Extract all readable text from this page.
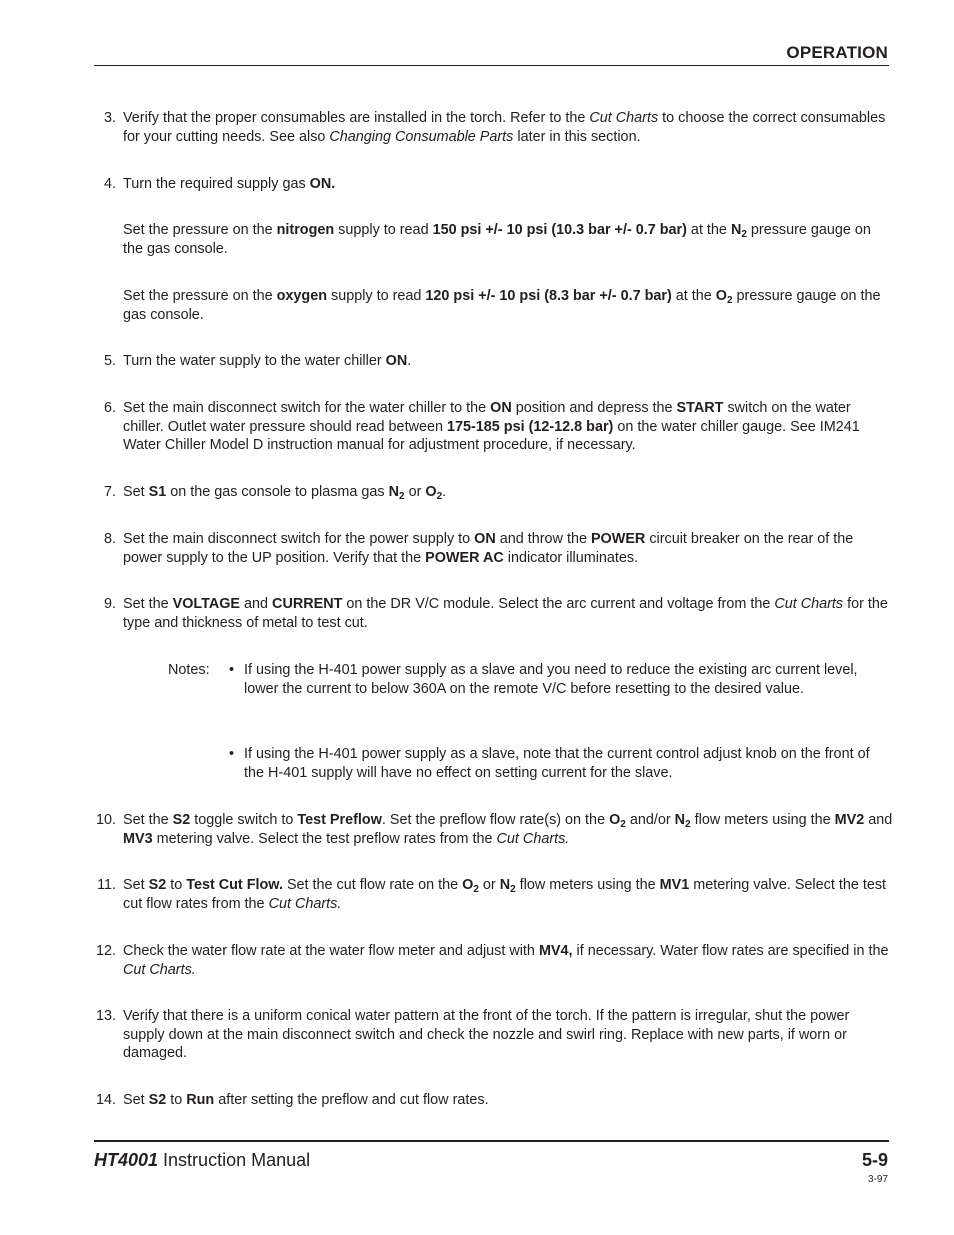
OPERATION
3. Verify that the proper consumables are installed in the torch. Refer to the Cut Charts to choose the correct consumables for your cutting needs. See also Changing Consumable Parts later in this section.
4. Turn the required supply gas ON.
Set the pressure on the nitrogen supply to read 150 psi +/- 10 psi (10.3 bar +/- 0.7 bar) at the $N_2$ pressure gauge on the gas console.
Set the pressure on the oxygen supply to read 120 psi +/- 10 psi (8.3 bar +/- 0.7 bar) at the $O_2$ pressure gauge on the gas console.
5. Turn the water supply to the water chiller ON.
6. Set the main disconnect switch for the water chiller to the ON position and depress the START switch on the water chiller. Outlet water pressure should read between 175-185 psi (12-12.8 bar) on the water chiller gauge. See IM241 Water Chiller Model D instruction manual for adjustment procedure, if necessary.
7. Set S1 on the gas console to plasma gas $N_2$ or $O_2$.
8. Set the main disconnect switch for the power supply to ON and throw the POWER circuit breaker on the rear of the power supply to the UP position. Verify that the POWER AC indicator illuminates.
9. Set the VOLTAGE and CURRENT on the DR V/C module. Select the arc current and voltage from the Cut Charts for the type and thickness of metal to test cut.
Notes: • If using the H-401 power supply as a slave and you need to reduce the existing arc current level, lower the current to below 360A on the remote V/C before resetting to the desired value.
• If using the H-401 power supply as a slave, note that the current control adjust knob on the front of the H-401 supply will have no effect on setting current for the slave.
10. Set the S2 toggle switch to Test Preflow. Set the preflow flow rate(s) on the $O_2$ and/or $N_2$ flow meters using the MV2 and MV3 metering valve. Select the test preflow rates from the Cut Charts.
11. Set S2 to Test Cut Flow. Set the cut flow rate on the $O_2$ or $N_2$ flow meters using the MV1 metering valve. Select the test cut flow rates from the Cut Charts.
12. Check the water flow rate at the water flow meter and adjust with MV4, if necessary. Water flow rates are specified in the Cut Charts.
13. Verify that there is a uniform conical water pattern at the front of the torch. If the pattern is irregular, shut the power supply down at the main disconnect switch and check the nozzle and swirl ring. Replace with new parts, if worn or damaged.
14. Set S2 to Run after setting the preflow and cut flow rates.
HT4001 Instruction Manual	5-9
3-97
